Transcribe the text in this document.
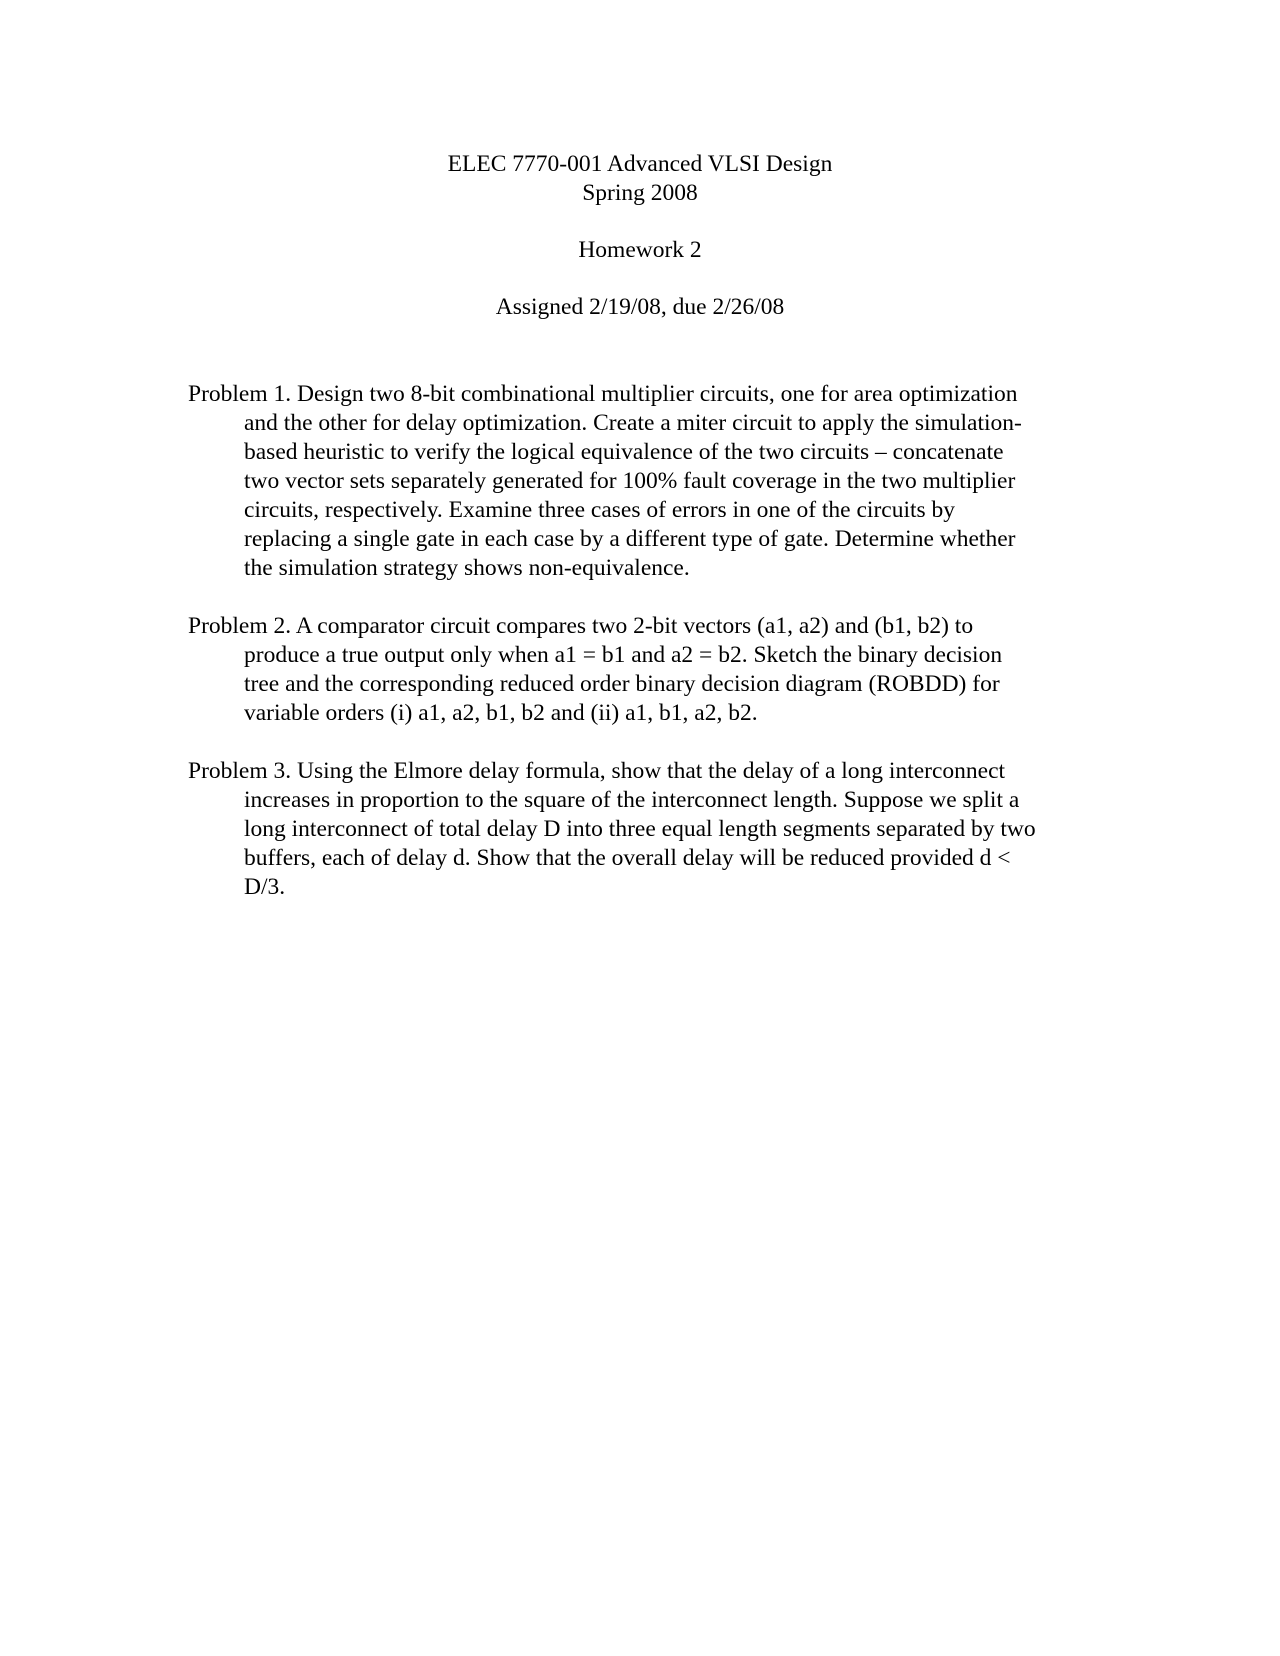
ELEC 7770-001 Advanced VLSI Design
Spring 2008
Homework 2
Assigned 2/19/08, due 2/26/08
Problem 1. Design two 8-bit combinational multiplier circuits, one for area optimization
and the other for delay optimization. Create a miter circuit to apply the simulation-
based heuristic to verify the logical equivalence of the two circuits – concatenate
two vector sets separately generated for 100% fault coverage in the two multiplier
circuits, respectively. Examine three cases of errors in one of the circuits by
replacing a single gate in each case by a different type of gate. Determine whether
the simulation strategy shows non-equivalence.
Problem 2. A comparator circuit compares two 2-bit vectors (a1, a2) and (b1, b2) to
produce a true output only when a1 = b1 and a2 = b2. Sketch the binary decision
tree and the corresponding reduced order binary decision diagram (ROBDD) for
variable orders (i) a1, a2, b1, b2 and (ii) a1, b1, a2, b2.
Problem 3. Using the Elmore delay formula, show that the delay of a long interconnect
increases in proportion to the square of the interconnect length. Suppose we split a
long interconnect of total delay D into three equal length segments separated by two
buffers, each of delay d. Show that the overall delay will be reduced provided d <
D/3.
